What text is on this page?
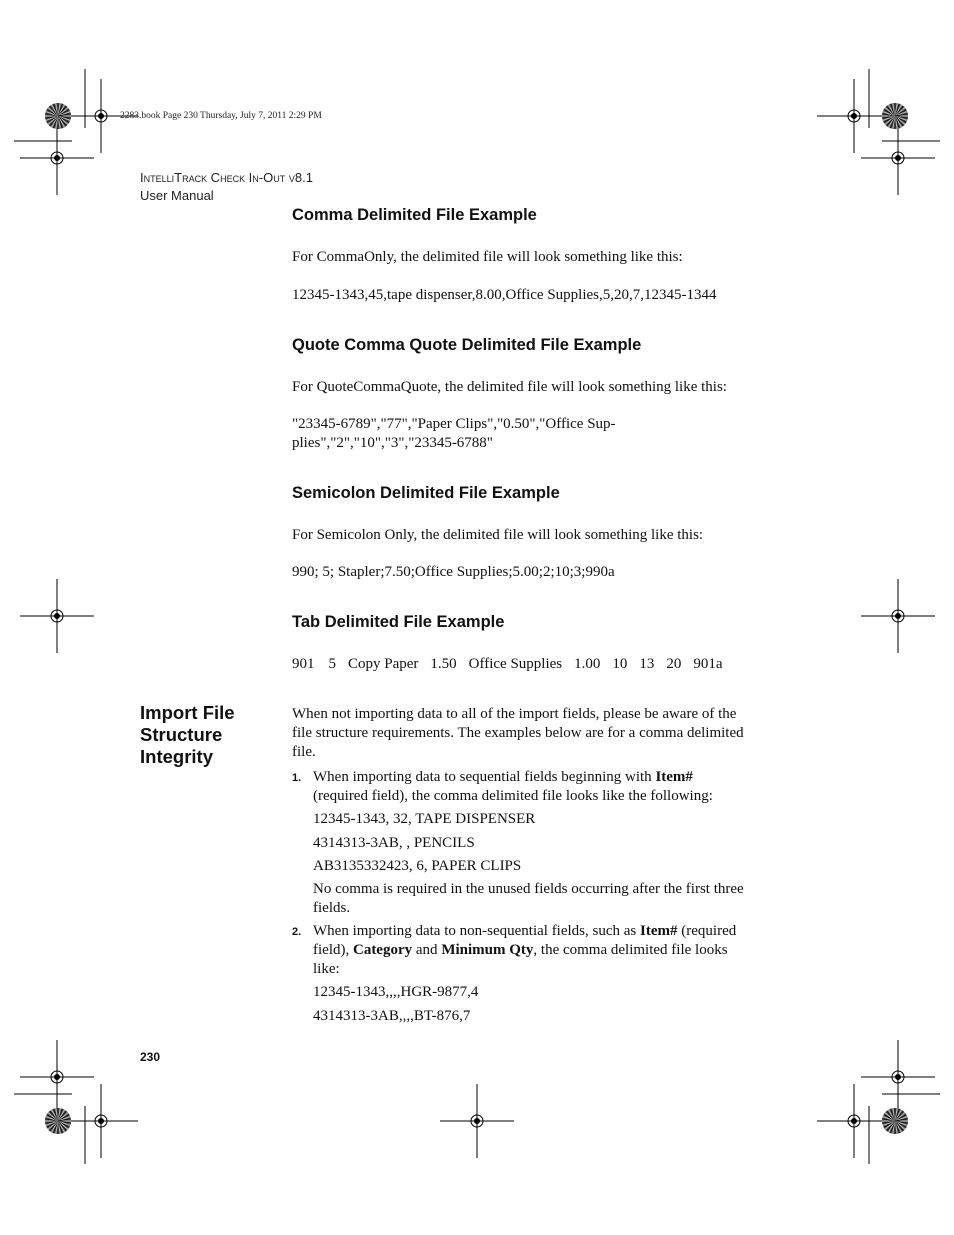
2283.book Page 230 Thursday, July 7, 2011 2:29 PM
IntelliTrack Check In-Out v8.1
User Manual
Comma Delimited File Example
For CommaOnly, the delimited file will look something like this:
12345-1343,45,tape dispenser,8.00,Office Supplies,5,20,7,12345-1344
Quote Comma Quote Delimited File Example
For QuoteCommaQuote, the delimited file will look something like this:
"23345-6789","77","Paper Clips","0.50","Office Sup-
plies","2","10","3","23345-6788"
Semicolon Delimited File Example
For Semicolon Only, the delimited file will look something like this:
990; 5; Stapler;7.50;Office Supplies;5.00;2;10;3;990a
Tab Delimited File Example
901 5 Copy Paper 1.50 Office Supplies 1.00 10 13 20 901a
Import File
Structure
Integrity
When not importing data to all of the import fields, please be aware of the
file structure requirements. The examples below are for a comma delimited
file.
1. When importing data to sequential fields beginning with Item#
(required field), the comma delimited file looks like the following:
12345-1343, 32, TAPE DISPENSER
4314313-3AB, , PENCILS
AB3135332423, 6, PAPER CLIPS
No comma is required in the unused fields occurring after the first three
fields.
2. When importing data to non-sequential fields, such as Item# (required
field), Category and Minimum Qty, the comma delimited file looks
like:
12345-1343,,,,HGR-9877,4
4314313-3AB,,,,BT-876,7
230
